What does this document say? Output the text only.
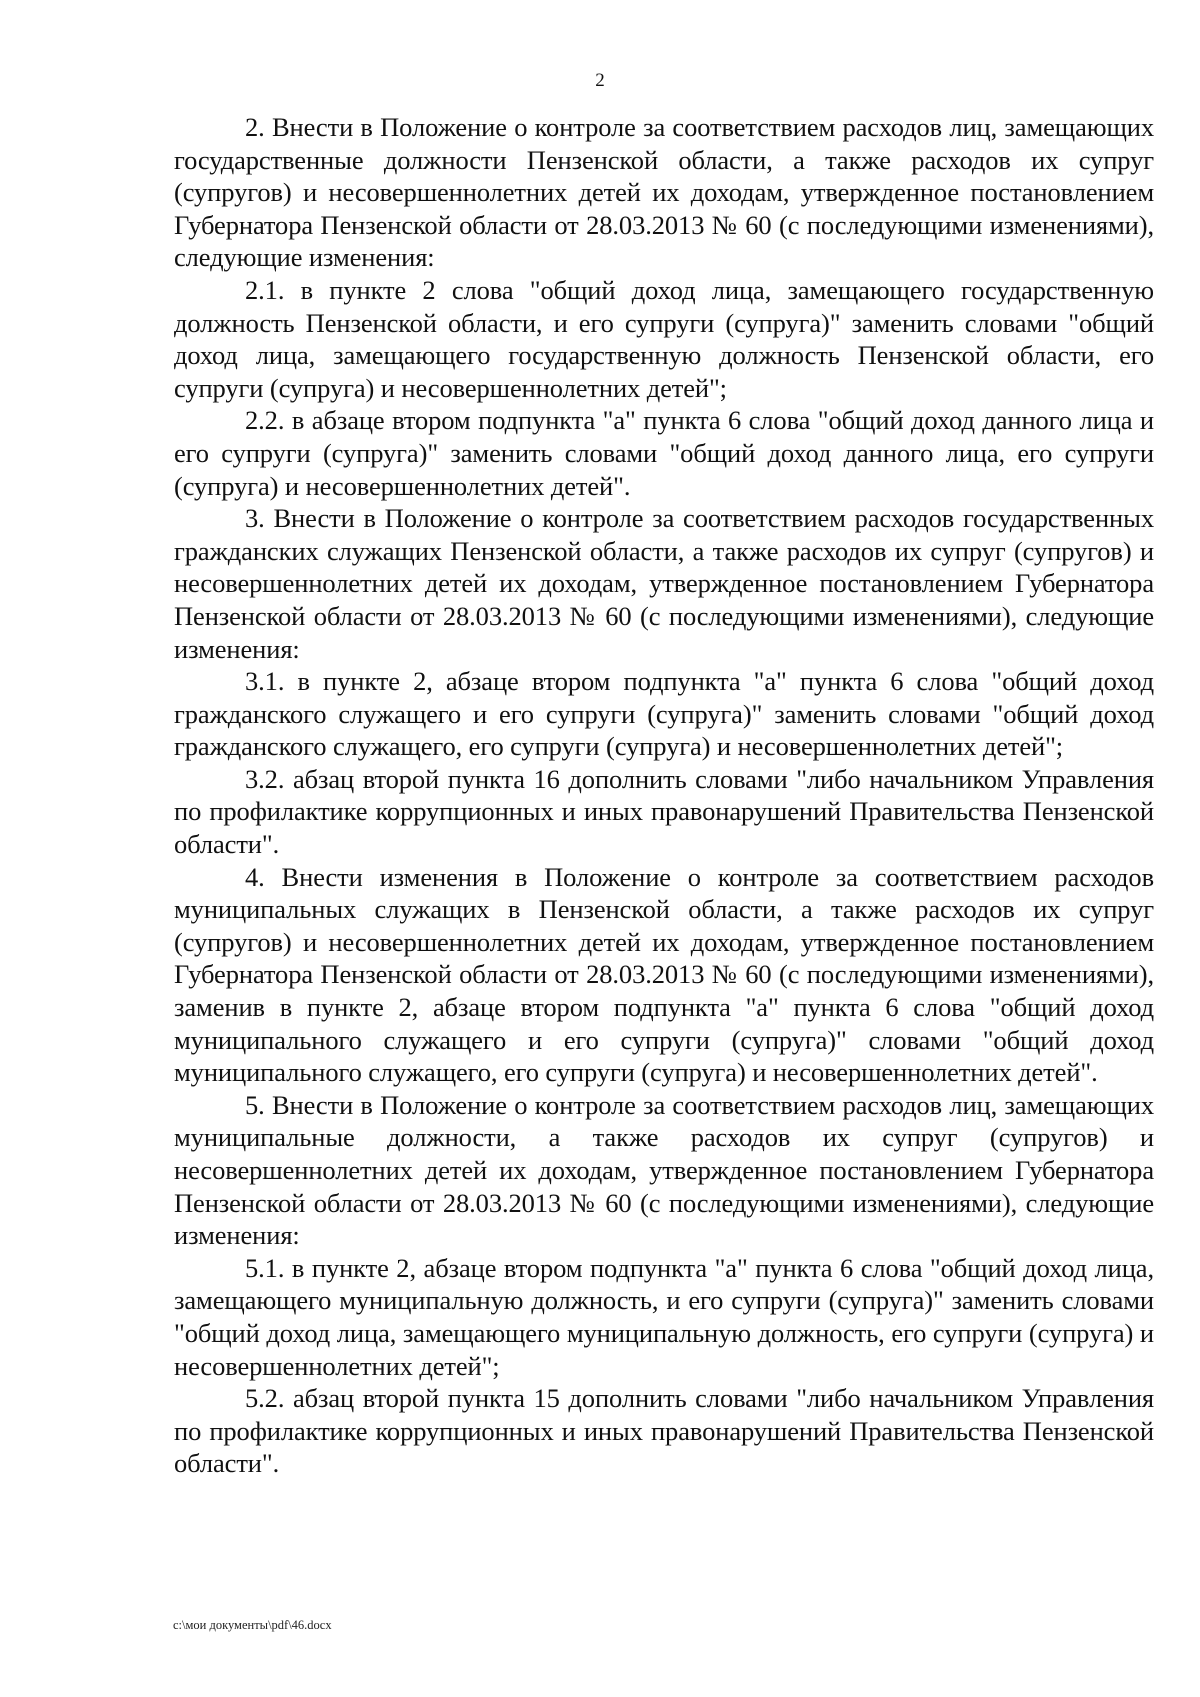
2

2. Внести в Положение о контроле за соответствием расходов лиц, замещающих государственные должности Пензенской области, а также расходов их супруг (супругов) и несовершеннолетних детей их доходам, утвержденное постановлением Губернатора Пензенской области от 28.03.2013 № 60 (с последующими изменениями), следующие изменения:

2.1. в пункте 2 слова "общий доход лица, замещающего государственную должность Пензенской области, и его супруги (супруга)" заменить словами "общий доход лица, замещающего государственную должность Пензенской области, его супруги (супруга) и несовершеннолетних детей";

2.2. в абзаце втором подпункта "а" пункта 6 слова "общий доход данного лица и его супруги (супруга)" заменить словами "общий доход данного лица, его супруги (супруга) и несовершеннолетних детей".

3. Внести в Положение о контроле за соответствием расходов государственных гражданских служащих Пензенской области, а также расходов их супруг (супругов) и несовершеннолетних детей их доходам, утвержденное постановлением Губернатора Пензенской области от 28.03.2013 № 60 (с последующими изменениями), следующие изменения:

3.1. в пункте 2, абзаце втором подпункта "а" пункта 6 слова "общий доход гражданского служащего и его супруги (супруга)" заменить словами "общий доход гражданского служащего, его супруги (супруга) и несовершеннолетних детей";

3.2. абзац второй пункта 16 дополнить словами "либо начальником Управления по профилактике коррупционных и иных правонарушений Правительства Пензенской области".

4. Внести изменения в Положение о контроле за соответствием расходов муниципальных служащих в Пензенской области, а также расходов их супруг (супругов) и несовершеннолетних детей их доходам, утвержденное постановлением Губернатора Пензенской области от 28.03.2013 № 60 (с последующими изменениями), заменив в пункте 2, абзаце втором подпункта "а" пункта 6 слова "общий доход муниципального служащего и его супруги (супруга)" словами "общий доход муниципального служащего, его супруги (супруга) и несовершеннолетних детей".

5. Внести в Положение о контроле за соответствием расходов лиц, замещающих муниципальные должности, а также расходов их супруг (супругов) и несовершеннолетних детей их доходам, утвержденное постановлением Губернатора Пензенской области от 28.03.2013 № 60 (с последующими изменениями), следующие изменения:

5.1. в пункте 2, абзаце втором подпункта "а" пункта 6 слова "общий доход лица, замещающего муниципальную должность, и его супруги (супруга)" заменить словами "общий доход лица, замещающего муниципальную должность, его супруги (супруга) и несовершеннолетних детей";

5.2. абзац второй пункта 15 дополнить словами "либо начальником Управления по профилактике коррупционных и иных правонарушений Правительства Пензенской области".

c:\мои документы\pdf\46.docx
